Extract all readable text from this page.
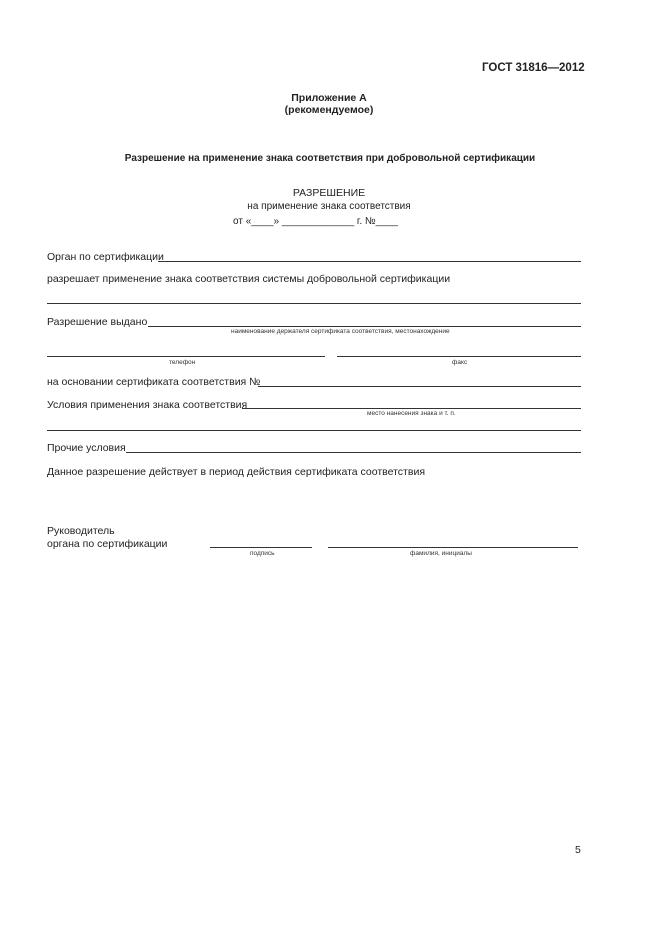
ГОСТ 31816—2012
Приложение А
(рекомендуемое)
Разрешение на применение знака соответствия при добровольной сертификации
РАЗРЕШЕНИЕ
на применение знака соответствия
от «____» _____________ г. №____
Орган по сертификации
разрешает применение знака соответствия системы добровольной сертификации
Разрешение выдано
наименование держателя сертификата соответствия, местонахождение
телефон	факс
на основании сертификата соответствия №
Условия применения знака соответствия
место нанесения знака и т. п.
Прочие условия
Данное разрешение действует в период действия сертификата соответствия
Руководитель
органа по сертификации
подпись	фамилия, инициалы
5
